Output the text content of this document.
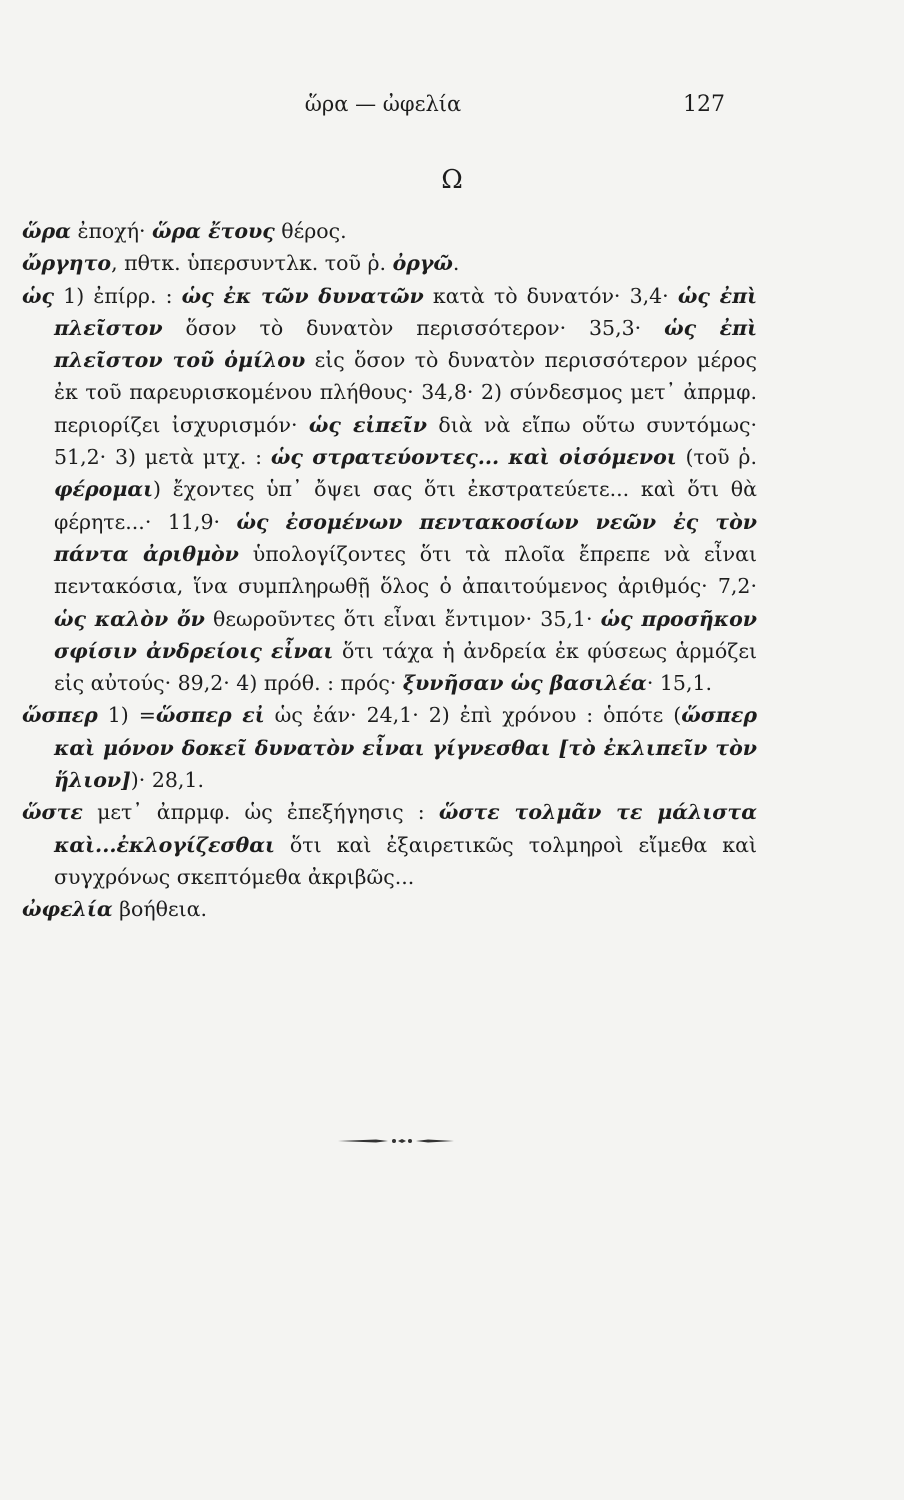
ὥρα — ὠφελία	127
Ω

ὥρα ἐποχή· ὥρα ἔτους θέρος.

ὤργητο, πθτκ. ὑπερσυντλκ. τοῦ ῥ. ὀργῶ.

ὡς 1) ἐπίρρ. : ὡς ἐκ τῶν δυνατῶν κατὰ τὸ δυνατόν· 3,4· ὡς ἐπὶ πλεῖστον ὅσον τὸ δυνατὸν περισσότερον· 35,3· ὡς ἐπὶ πλεῖστον τοῦ ὁμίλου εἰς ὅσον τὸ δυνατὸν περισσότερον μέρος ἐκ τοῦ παρευρισκομένου πλήθους· 34,8· 2) σύνδεσμος μετ᾽ ἀπρμφ. περιορίζει ἰσχυρισμόν· ὡς εἰπεῖν διὰ νὰ εἴπω οὕτω συντόμως· 51,2· 3) μετὰ μτχ. : ὡς στρατεύοντες... καὶ οἰσόμενοι (τοῦ ῥ. φέρομαι) ἔχοντες ὑπ᾽ ὄψει σας ὅτι ἐκστρατεύετε... καὶ ὅτι θὰ φέρητε...· 11,9· ὡς ἐσομένων πεντακοσίων νεῶν ἐς τὸν πάντα ἀριθμὸν ὑπολογίζοντες ὅτι τὰ πλοῖα ἔπρεπε νὰ εἶναι πεντακόσια, ἵνα συμπληρωθῇ ὅλος ὁ ἀπαιτούμενος ἀριθμός· 7,2· ὡς καλὸν ὄν θεωροῦντες ὅτι εἶναι ἔντιμον· 35,1· ὡς προσῆκον σφίσιν ἀνδρείοις εἶναι ὅτι τάχα ἡ ἀνδρεία ἐκ φύσεως ἁρμόζει εἰς αὐτούς· 89,2· 4) πρόθ. : πρός· ξυνῆσαν ὡς βασιλέα· 15,1.

ὥσπερ 1) =ὥσπερ εἰ ὡς ἐάν· 24,1· 2) ἐπὶ χρόνου : ὁπότε (ὥσπερ καὶ μόνον δοκεῖ δυνατὸν εἶναι γίγνεσθαι [τὸ ἐκλιπεῖν τὸν ἥλιον])· 28,1.

ὥστε μετ᾽ ἀπρμφ. ὡς ἐπεξήγησις : ὥστε τολμᾶν τε μάλιστα καὶ...ἐκλογίζεσθαι ὅτι καὶ ἐξαιρετικῶς τολμηροὶ εἴμεθα καὶ συγχρόνως σκεπτόμεθα ἀκριβῶς...

ὠφελία βοήθεια.
